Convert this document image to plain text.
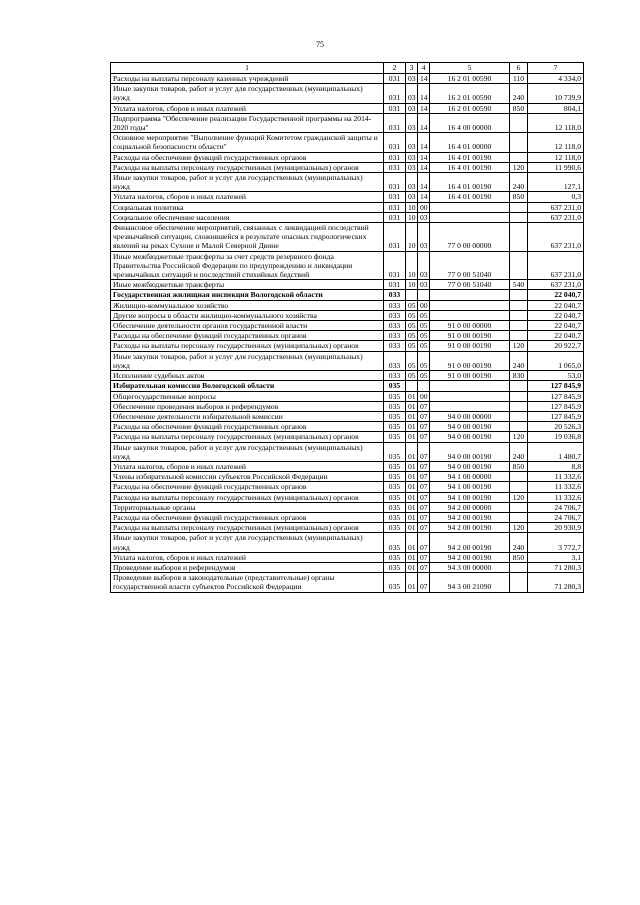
75
1	2	3	4	5	6	7
Расходы на выплаты персоналу казенных учреждений	031	03	14	16 2 01 00590	110	4 334,0
Иные закупки товаров, работ и услуг для государственных (муниципальных) нужд	031	03	14	16 2 01 00590	240	10 739,9
Уплата налогов, сборов и иных платежей	031	03	14	16 2 01 00590	850	804,1
Подпрограмма "Обеспечение реализации Государственной программы на 2014-2020 годы"	031	03	14	16 4 00 00000		12 118,0
Основное мероприятие "Выполнение функций Комитетом гражданской защиты и социальной безопасности области"	031	03	14	16 4 01 00000		12 118,0
Расходы на обеспечение функций государственных органов	031	03	14	16 4 01 00190		12 118,0
Расходы на выплаты персоналу государственных (муниципальных) органов	031	03	14	16 4 01 00190	120	11 990,6
Иные закупки товаров, работ и услуг для государственных (муниципальных) нужд	031	03	14	16 4 01 00190	240	127,1
Уплата налогов, сборов и иных платежей	031	03	14	16 4 01 00190	850	0,3
Социальная политика	031	10	00			637 231,0
Социальное обеспечение населения	031	10	03			637 231,0
Финансовое обеспечение мероприятий, связанных с ликвидацией последствий чрезвычайной ситуации, сложившейся в результате опасных гидрологических явлений на реках Сухоне и Малой Северной Двине	031	10	03	77 0 00 00000		637 231,0
Иные межбюджетные трансферты за счет средств резервного фонда Правительства Российской Федерации по предупреждению и ликвидации чрезвычайных ситуаций и последствий стихийных бедствий	031	10	03	77 0 00 51040		637 231,0
Иные межбюджетные трансферты	031	10	03	77 0 00 51040	540	637 231,0
Государственная жилищная инспекция Вологодской области	033					22 040,7
Жилищно-коммунальное хозяйство	033	05	00			22 040,7
Другие вопросы в области жилищно-коммунального хозяйства	033	05	05			22 040,7
Обеспечение деятельности органов государственной власти	033	05	05	91 0 00 00000		22 040,7
Расходы на обеспечение функций государственных органов	033	05	05	91 0 00 00190		22 040,7
Расходы на выплаты персоналу государственных (муниципальных) органов	033	05	05	91 0 00 00190	120	20 922,7
Иные закупки товаров, работ и услуг для государственных (муниципальных) нужд	033	05	05	91 0 00 00190	240	1 065,0
Исполнение судебных актов	033	05	05	91 0 00 00190	830	53,0
Избирательная комиссия Вологодской области	035					127 845,9
Общегосударственные вопросы	035	01	00			127 845,9
Обеспечение проведения выборов и референдумов	035	01	07			127 845,9
Обеспечение деятельности избирательной комиссии	035	01	07	94 0 00 00000		127 845,9
Расходы на обеспечение функций государственных органов	035	01	07	94 0 00 00190		20 526,3
Расходы на выплаты персоналу государственных (муниципальных) органов	035	01	07	94 0 00 00190	120	19 036,8
Иные закупки товаров, работ и услуг для государственных (муниципальных) нужд	035	01	07	94 0 00 00190	240	1 480,7
Уплата налогов, сборов и иных платежей	035	01	07	94 0 00 00190	850	8,8
Члены избирательной комиссии субъектов Российской Федерации	035	01	07	94 1 00 00000		11 332,6
Расходы на обеспечение функций государственных органов	035	01	07	94 1 00 00190		11 332,6
Расходы на выплаты персоналу государственных (муниципальных) органов	035	01	07	94 1 00 00190	120	11 332,6
Территориальные органы	035	01	07	94 2 00 00000		24 706,7
Расходы на обеспечение функций государственных органов	035	01	07	94 2 00 00190		24 706,7
Расходы на выплаты персоналу государственных (муниципальных) органов	035	01	07	94 2 00 00190	120	20 930,9
Иные закупки товаров, работ и услуг для государственных (муниципальных) нужд	035	01	07	94 2 00 00190	240	3 772,7
Уплата налогов, сборов и иных платежей	035	01	07	94 2 00 00190	850	3,1
Проведение выборов и референдумов	035	01	07	94 3 00 00000		71 280,3
Проведение выборов в законодательные (представительные) органы государственной власти субъектов Российской Федерации	035	01	07	94 3 00 21090		71 280,3
